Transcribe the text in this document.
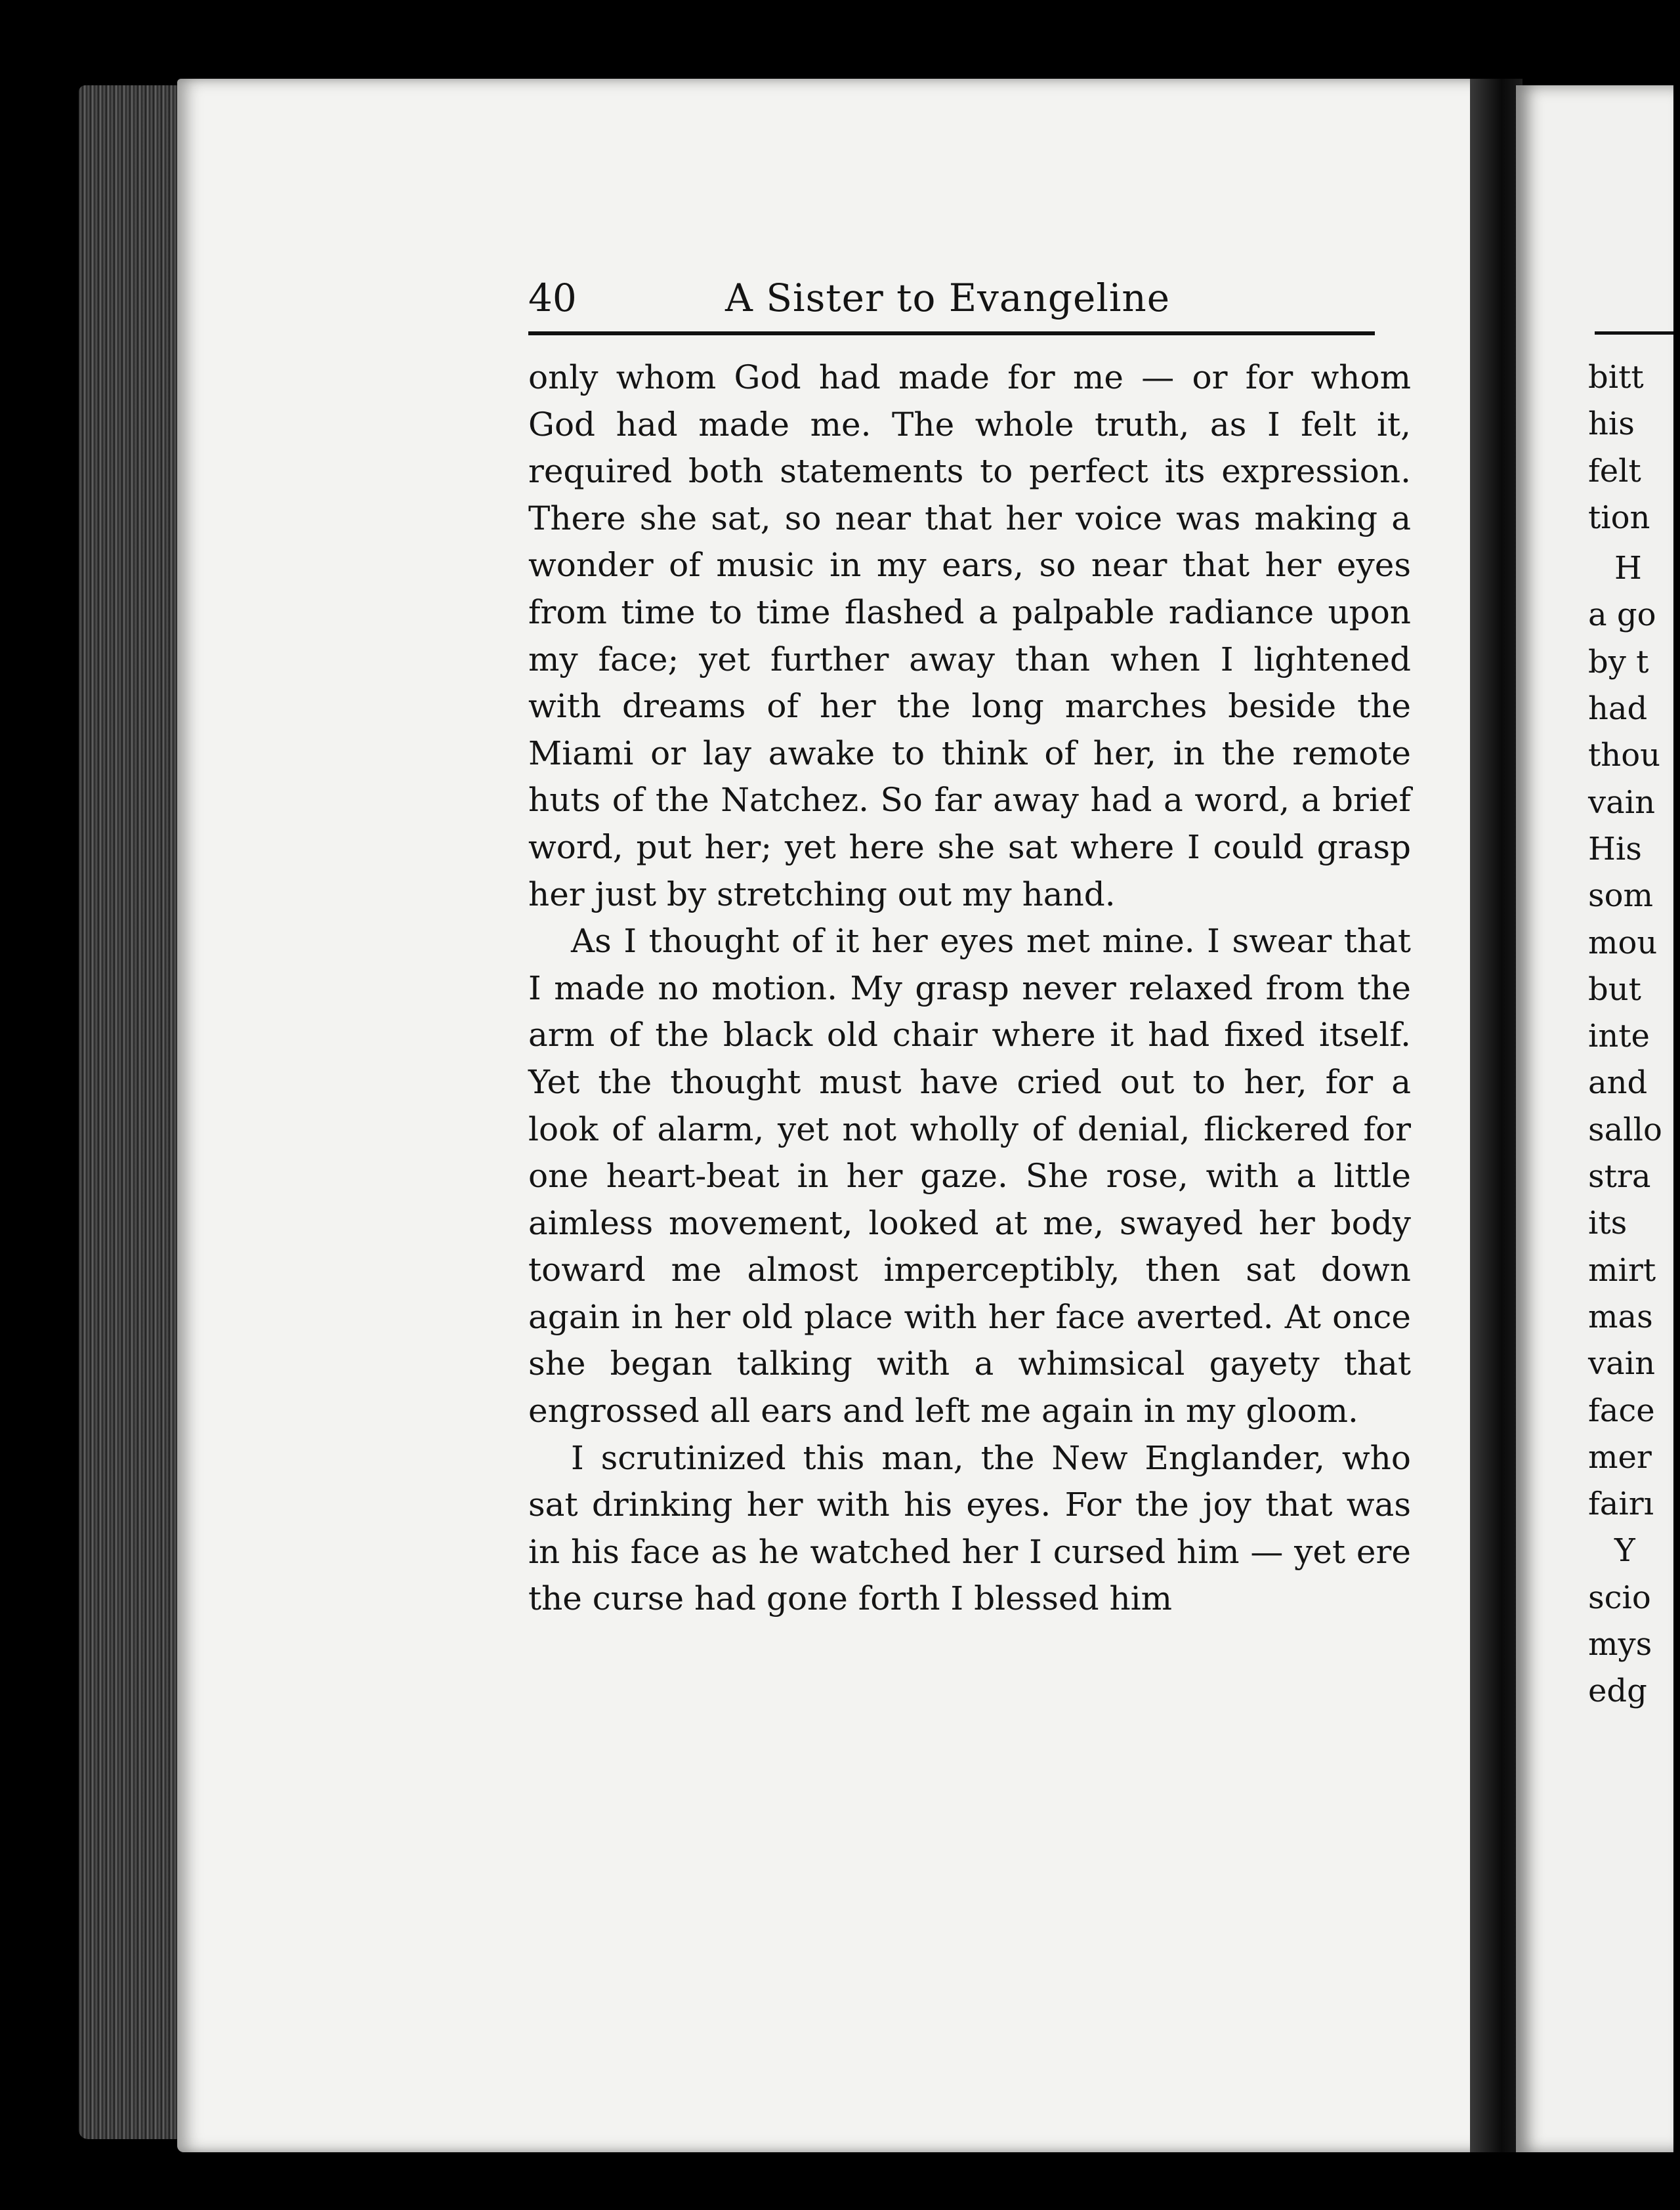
40	A Sister to Evangeline

only whom God had made for me — or for whom God had made me. The whole truth, as I felt it, required both statements to perfect its expression. There she sat, so near that her voice was making a wonder of music in my ears, so near that her eyes from time to time flashed a palpable radiance upon my face; yet further away than when I lightened with dreams of her the long marches beside the Miami or lay awake to think of her, in the remote huts of the Natchez. So far away had a word, a brief word, put her; yet here she sat where I could grasp her just by stretching out my hand.

As I thought of it her eyes met mine. I swear that I made no motion. My grasp never relaxed from the arm of the black old chair where it had fixed itself. Yet the thought must have cried out to her, for a look of alarm, yet not wholly of denial, flickered for one heart-beat in her gaze. She rose, with a little aimless movement, looked at me, swayed her body toward me almost imperceptibly, then sat down again in her old place with her face averted. At once she began talking with a whimsical gayety that engrossed all ears and left me again in my gloom.

I scrutinized this man, the New Englander, who sat drinking her with his eyes. For the joy that was in his face as he watched her I cursed him — yet ere the curse had gone forth I blessed him

bitt
his
felt
tion
H
a go
by t
had
thou
vain
His
som
mou
but
inte
and
sallo
stra
its
mirt
mas
vain
face
mer
fairı
Y
scio
mys
edg
